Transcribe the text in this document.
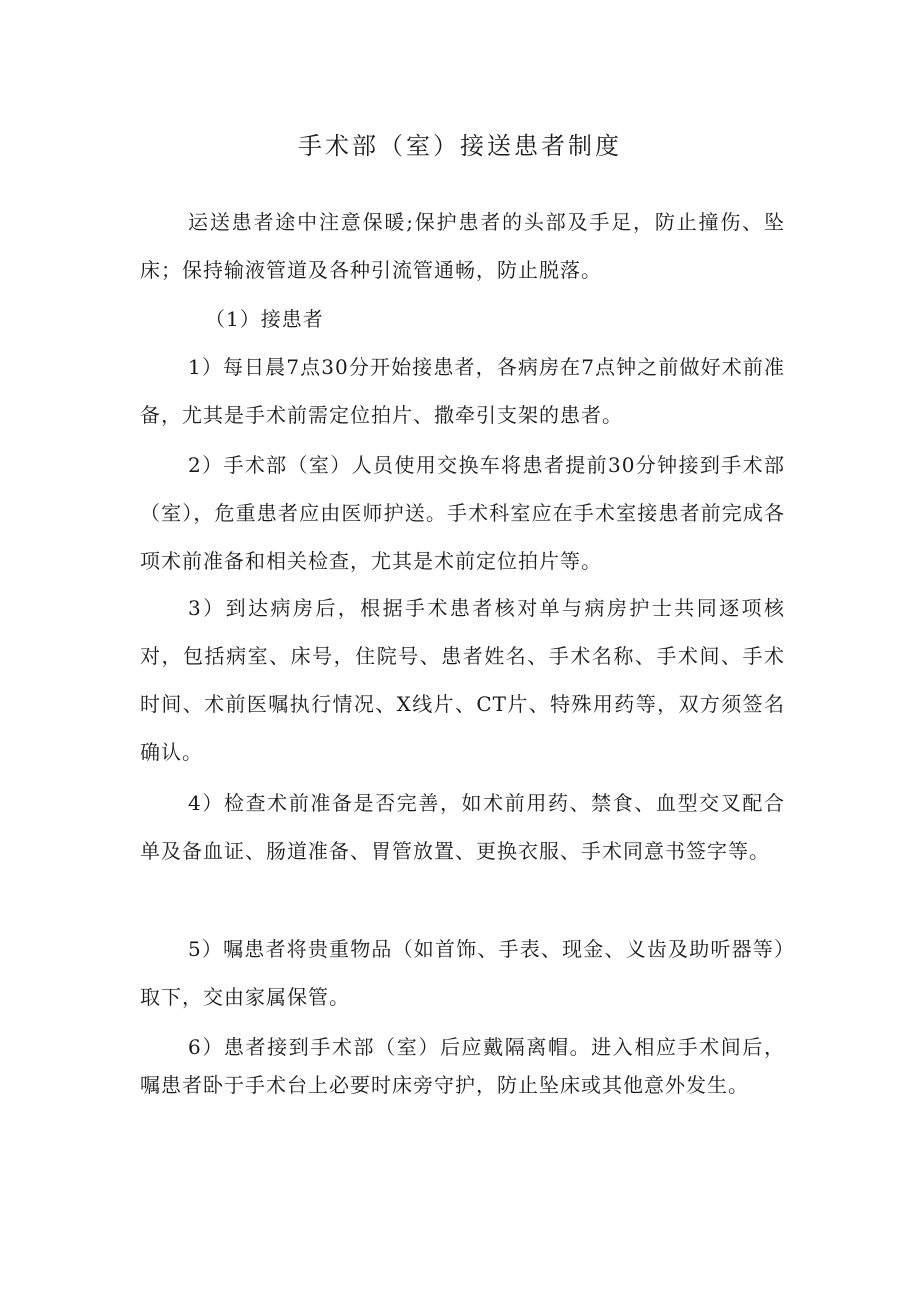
手术部（室）接送患者制度

运送患者途中注意保暖;保护患者的头部及手足，防止撞伤、坠床；保持输液管道及各种引流管通畅，防止脱落。

（1）接患者

1）每日晨7点30分开始接患者，各病房在7点钟之前做好术前准备，尤其是手术前需定位拍片、撒牵引支架的患者。

2）手术部（室）人员使用交换车将患者提前30分钟接到手术部（室），危重患者应由医师护送。手术科室应在手术室接患者前完成各项术前准备和相关检查，尤其是术前定位拍片等。

3）到达病房后，根据手术患者核对单与病房护士共同逐项核对，包括病室、床号，住院号、患者姓名、手术名称、手术间、手术时间、术前医嘱执行情况、X线片、CT片、特殊用药等，双方须签名确认。

4）检查术前准备是否完善，如术前用药、禁食、血型交叉配合单及备血证、肠道准备、胃管放置、更换衣服、手术同意书签字等。

5）嘱患者将贵重物品（如首饰、手表、现金、义齿及助听器等）取下，交由家属保管。

6）患者接到手术部（室）后应戴隔离帽。进入相应手术间后，嘱患者卧于手术台上必要时床旁守护，防止坠床或其他意外发生。
